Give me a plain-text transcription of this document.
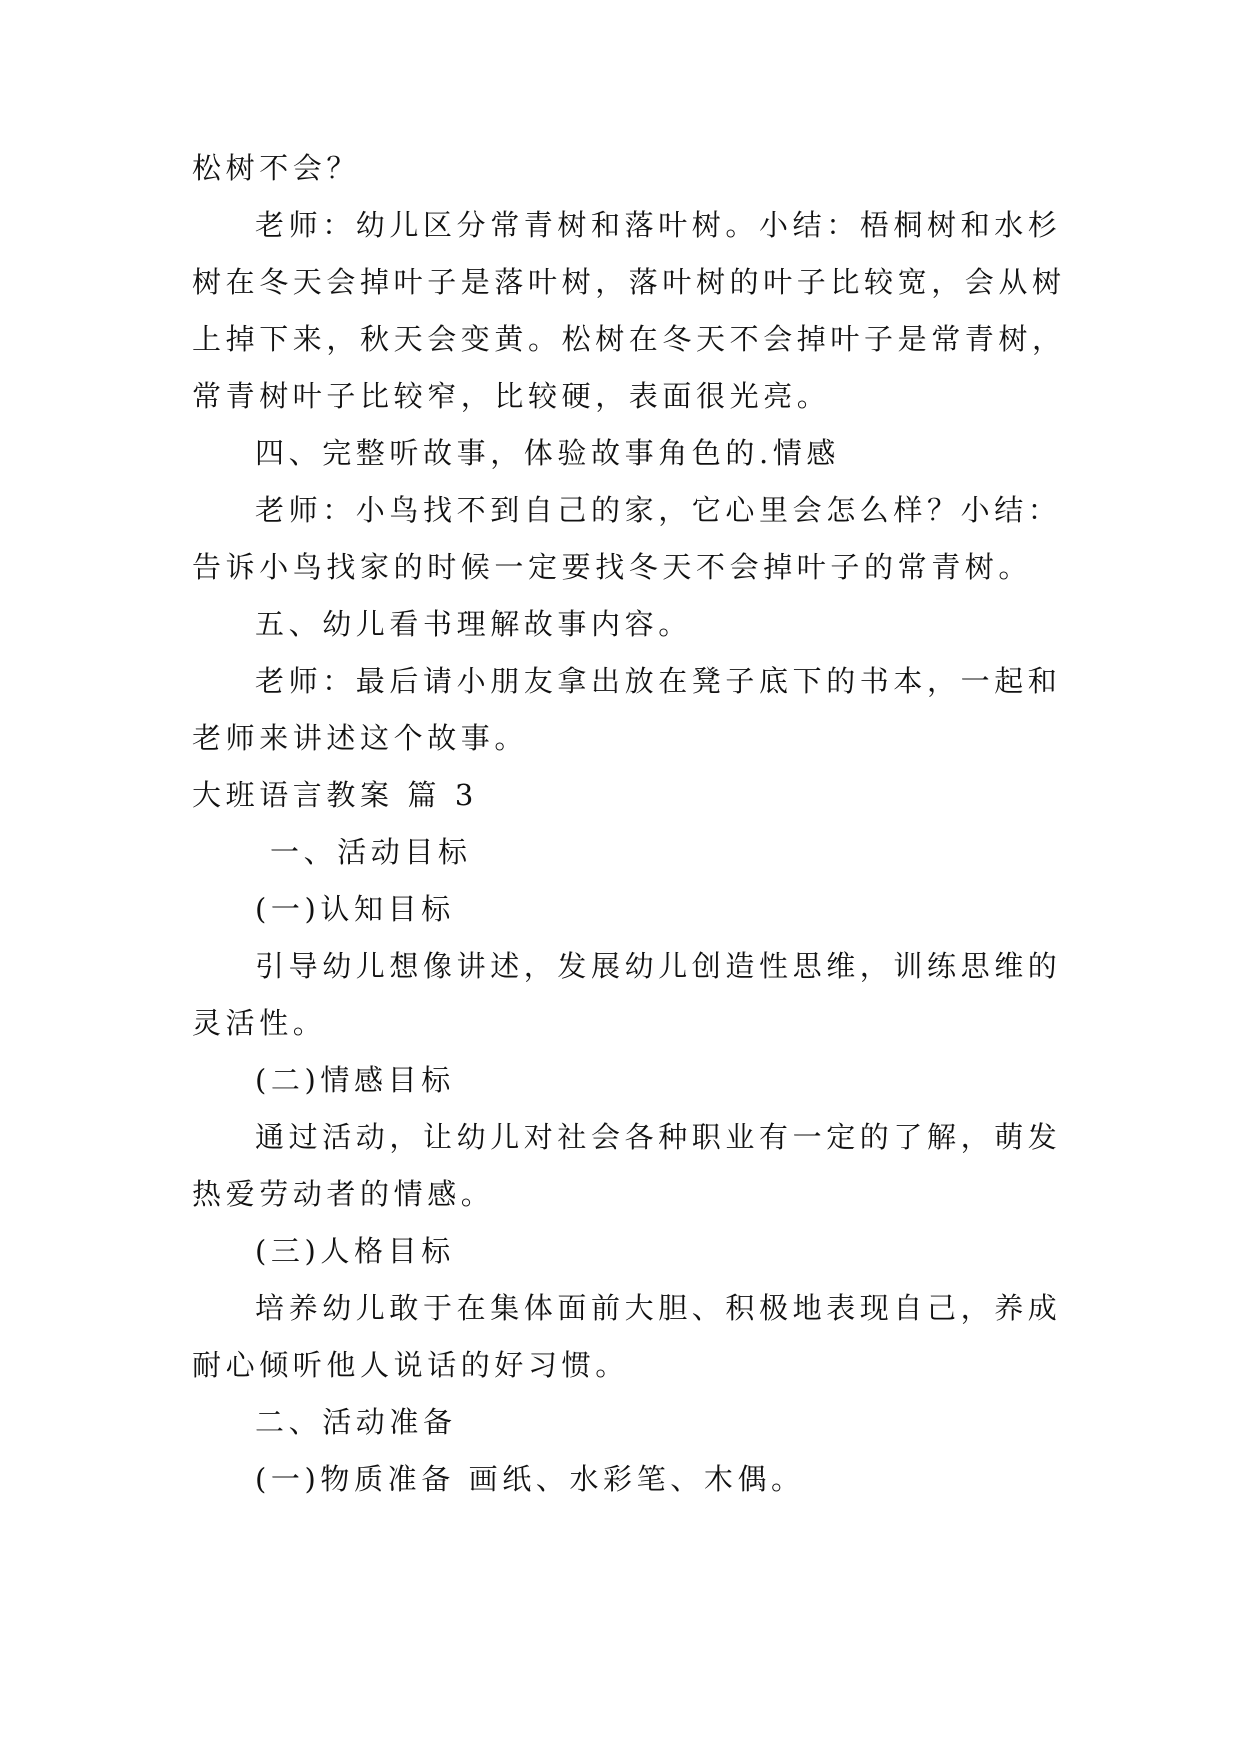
松树不会？
老师：幼儿区分常青树和落叶树。小结：梧桐树和水杉
树在冬天会掉叶子是落叶树，落叶树的叶子比较宽，会从树
上掉下来，秋天会变黄。松树在冬天不会掉叶子是常青树，
常青树叶子比较窄，比较硬，表面很光亮。
四、完整听故事，体验故事角色的.情感
老师：小鸟找不到自己的家，它心里会怎么样？小结：
告诉小鸟找家的时候一定要找冬天不会掉叶子的常青树。
五、幼儿看书理解故事内容。
老师：最后请小朋友拿出放在凳子底下的书本，一起和
老师来讲述这个故事。
大班语言教案 篇 3
一、活动目标
(一)认知目标
引导幼儿想像讲述，发展幼儿创造性思维，训练思维的
灵活性。
(二)情感目标
通过活动，让幼儿对社会各种职业有一定的了解，萌发
热爱劳动者的情感。
(三)人格目标
培养幼儿敢于在集体面前大胆、积极地表现自己，养成
耐心倾听他人说话的好习惯。
二、活动准备
(一)物质准备 画纸、水彩笔、木偶。
